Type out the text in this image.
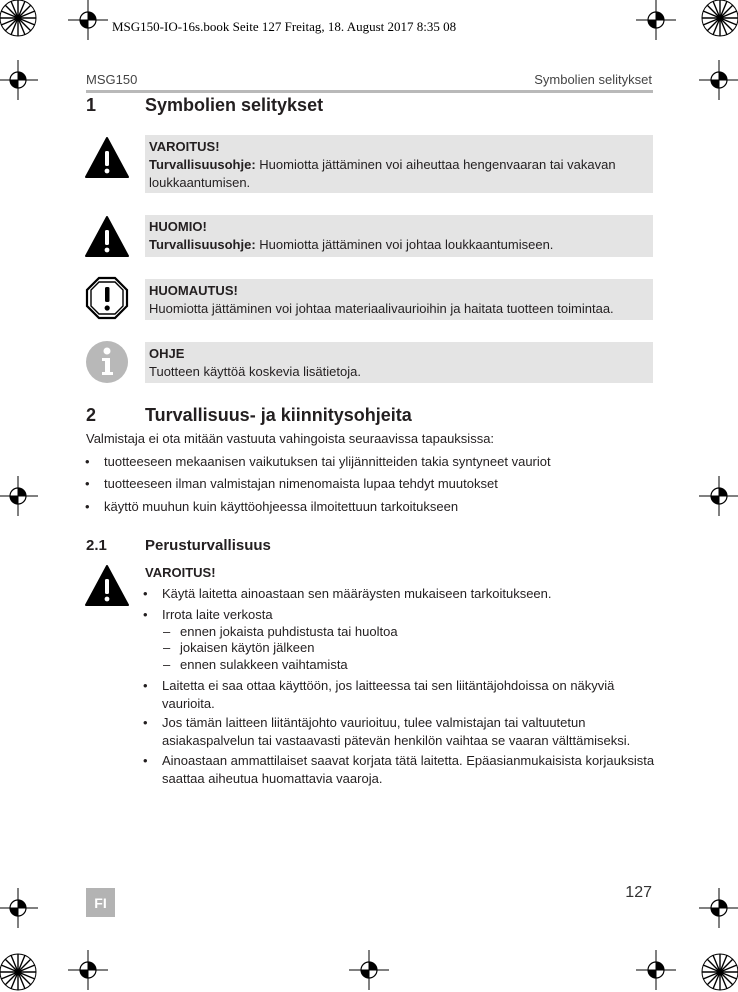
MSG150-IO-16s.book Seite 127 Freitag, 18. August 2017 8:35 08
MSG150	Symbolien selitykset
1	Symbolien selitykset
VAROITUS!
Turvallisuusohje: Huomiotta jättäminen voi aiheuttaa hengenvaaran tai vakavan
loukkaantumisen.
HUOMIO!
Turvallisuusohje: Huomiotta jättäminen voi johtaa loukkaantumiseen.
HUOMAUTUS!
Huomiotta jättäminen voi johtaa materiaalivaurioihin ja haitata tuotteen toimintaa.
OHJE
Tuotteen käyttöä koskevia lisätietoja.
2	Turvallisuus- ja kiinnitysohjeita
Valmistaja ei ota mitään vastuuta vahingoista seuraavissa tapauksissa:
• tuotteeseen mekaanisen vaikutuksen tai ylijännitteiden takia syntyneet vauriot
• tuotteeseen ilman valmistajan nimenomaista lupaa tehdyt muutokset
• käyttö muuhun kuin käyttöohjeessa ilmoitettuun tarkoitukseen
2.1	Perusturvallisuus
VAROITUS!
• Käytä laitetta ainoastaan sen määräysten mukaiseen tarkoitukseen.
• Irrota laite verkosta
– ennen jokaista puhdistusta tai huoltoa
– jokaisen käytön jälkeen
– ennen sulakkeen vaihtamista
• Laitetta ei saa ottaa käyttöön, jos laitteessa tai sen liitäntäjohdoissa on näkyviä
vaurioita.
• Jos tämän laitteen liitäntäjohto vaurioituu, tulee valmistajan tai valtuutetun
asiakaspalvelun tai vastaavasti pätevän henkilön vaihtaa se vaaran välttämiseksi.
• Ainoastaan ammattilaiset saavat korjata tätä laitetta. Epäasianmukaisista korjauksista
saattaa aiheutua huomattavia vaaroja.
FI
127
